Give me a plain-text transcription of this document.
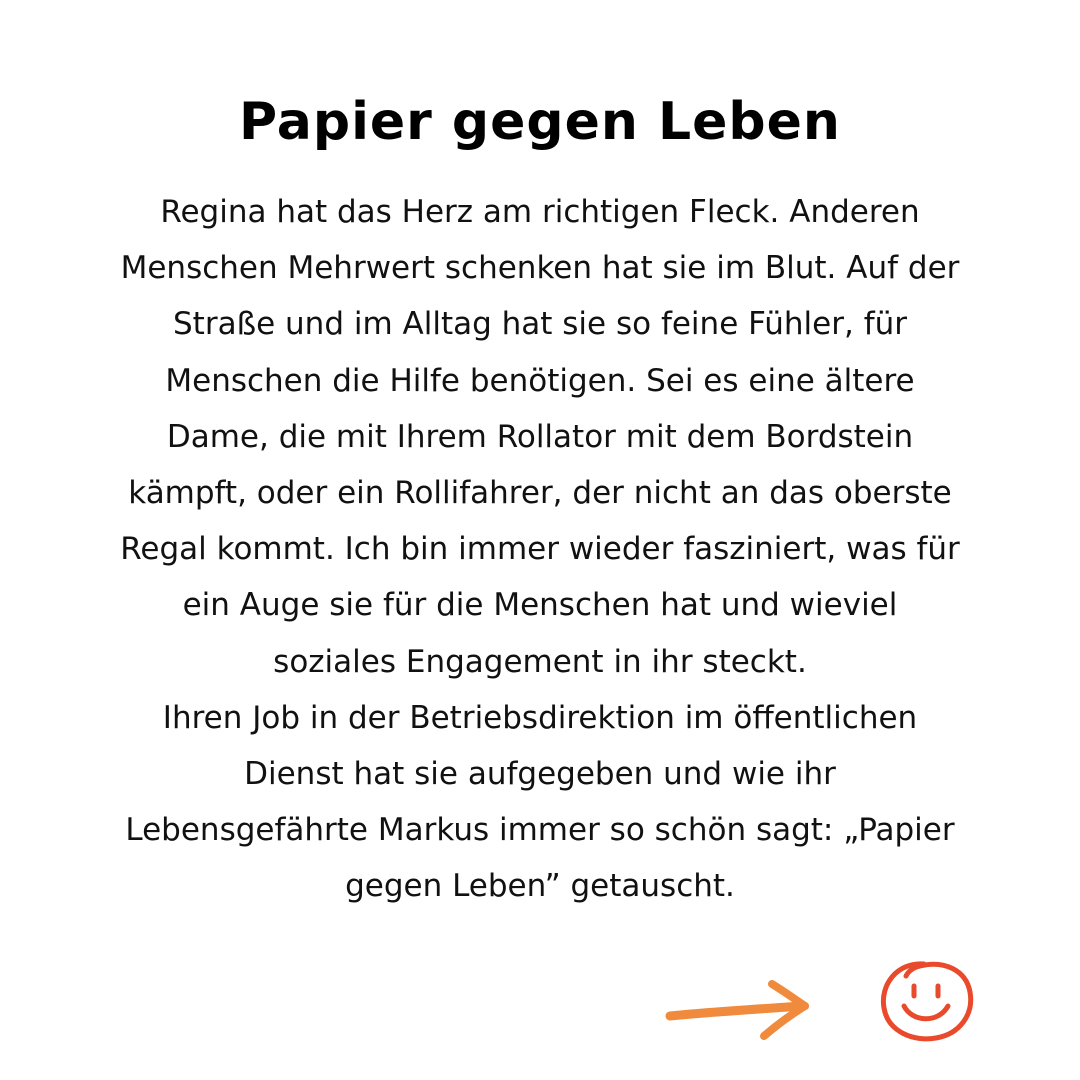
Papier gegen Leben
Regina hat das Herz am richtigen Fleck. Anderen
Menschen Mehrwert schenken hat sie im Blut. Auf der
Straße und im Alltag hat sie so feine Fühler, für
Menschen die Hilfe benötigen. Sei es eine ältere
Dame, die mit Ihrem Rollator mit dem Bordstein
kämpft, oder ein Rollifahrer, der nicht an das oberste
Regal kommt. Ich bin immer wieder fasziniert, was für
ein Auge sie für die Menschen hat und wieviel
soziales Engagement in ihr steckt.
Ihren Job in der Betriebsdirektion im öffentlichen
Dienst hat sie aufgegeben und wie ihr
Lebensgefährte Markus immer so schön sagt: „Papier
gegen Leben” getauscht.
